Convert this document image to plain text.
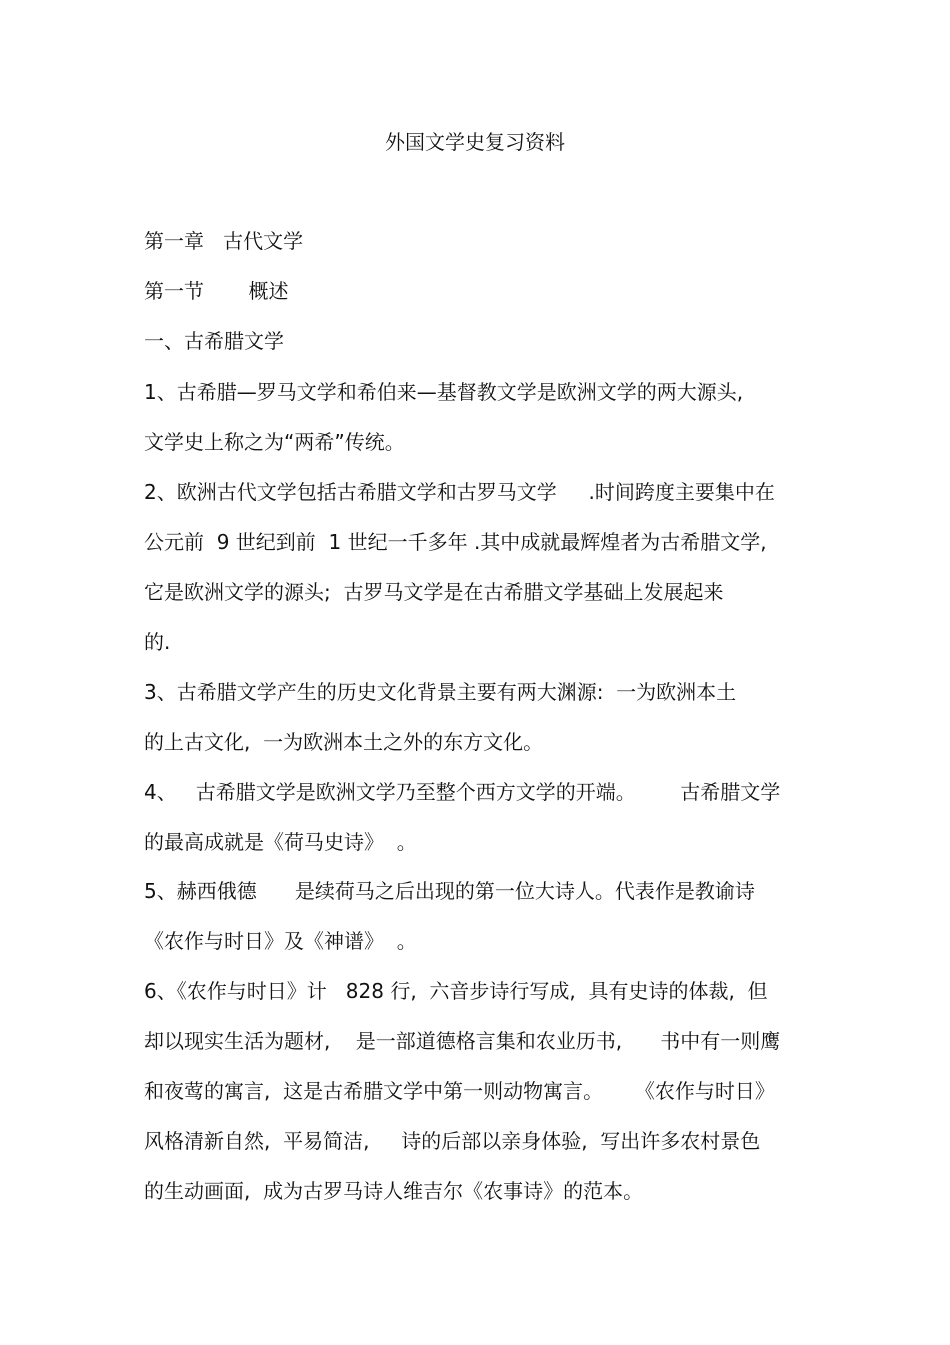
外国文学史复习资料
第一章   古代文学
第一节       概述
一、古希腊文学
1、古希腊—罗马文学和希伯来—基督教文学是欧洲文学的两大源头,
文学史上称之为“两希”传统。
2、欧洲古代文学包括古希腊文学和古罗马文学     .时间跨度主要集中在
公元前  9 世纪到前  1 世纪一千多年 .其中成就最辉煌者为古希腊文学,
它是欧洲文学的源头;  古罗马文学是在古希腊文学基础上发展起来
的.
3、古希腊文学产生的历史文化背景主要有两大渊源:  一为欧洲本土
的上古文化,  一为欧洲本土之外的东方文化。
4、   古希腊文学是欧洲文学乃至整个西方文学的开端。       古希腊文学
的最高成就是《荷马史诗》  。
5、赫西俄德      是续荷马之后出现的第一位大诗人。代表作是教谕诗
《农作与时日》及《神谱》  。
6、《农作与时日》计   828 行,  六音步诗行写成,  具有史诗的体裁,  但
却以现实生活为题材,    是一部道德格言集和农业历书,      书中有一则鹰
和夜莺的寓言,  这是古希腊文学中第一则动物寓言。     《农作与时日》
风格清新自然,  平易简洁,     诗的后部以亲身体验,  写出许多农村景色
的生动画面,  成为古罗马诗人维吉尔《农事诗》的范本。
